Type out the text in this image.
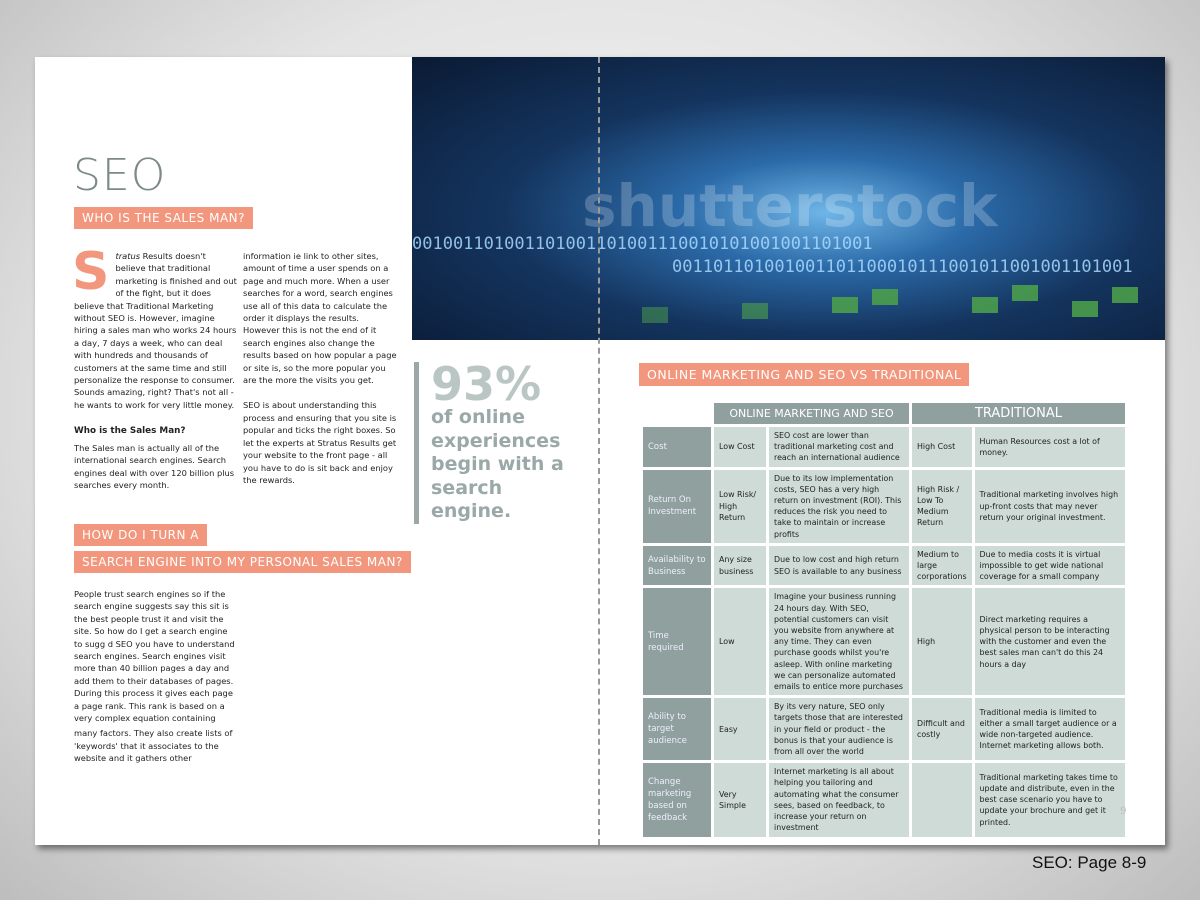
shutterstock
001001101001101001101001110010101001001101001
001101101001001101100010111001011001001101001
SEO
WHO IS THE SALES MAN?
Stratus Results doesn't believe that traditional marketing is finished and out of the fight, but it does believe that Traditional Marketing without SEO is. However, imagine hiring a sales man who works 24 hours a day, 7 days a week, who can deal with hundreds and thousands of customers at the same time and still personalize the response to consumer. Sounds amazing, right? That's not all - he wants to work for very little money.
Who is the Sales Man?
The Sales man is actually all of the international search engines. Search engines deal with over 120 billion plus searches every month.
information ie link to other sites, amount of time a user spends on a page and much more. When a user searches for a word, search engines use all of this data to calculate the order it displays the results. However this is not the end of it search engines also change the results based on how popular a page or site is, so the more popular you are the more the visits you get.
SEO is about understanding this process and ensuring that you site is popular and ticks the right boxes. So let the experts at Stratus Results get your website to the front page - all you have to do is sit back and enjoy the rewards.
HOW DO I TURN A
SEARCH ENGINE INTO MY PERSONAL SALES MAN?
People trust search engines so if the search engine suggests say this sit is the best people trust it and visit the site. So how do I get a search engine to sugg d SEO you have to understand search engines. Search engines visit more than 40 billion pages a day and add them to their databases of pages. During this process it gives each page a page rank. This rank is based on a very complex equation containing
many factors. They also create lists of 'keywords' that it associates to the website and it gathers other
93%
of online experiences begin with a search engine.
ONLINE MARKETING AND SEO VS TRADITIONAL
	ONLINE MARKETING AND SEO		TRADITIONAL	
Cost	Low Cost	SEO cost are lower than traditional marketing cost and reach an international audience	High Cost	Human Resources cost a lot of money.
Return On Investment	Low Risk/ High Return	Due to its low implementation costs, SEO has a very high return on investment (ROI). This reduces the risk you need to take to maintain or increase profits	High Risk / Low To Medium Return	Traditional marketing involves high up-front costs that may never return your original investment.
Availability to Business	Any size business	Due to low cost and high return SEO is available to any business	Medium to large corporations	Due to media costs it is virtual impossible to get wide national coverage for a small company
Time required	Low	Imagine your business running 24 hours day. With SEO, potential customers can visit you website from anywhere at any time. They can even purchase goods whilst you're asleep. With online marketing we can personalize automated emails to entice more purchases	High	Direct marketing requires a physical person to be interacting with the customer and even the best sales man can't do this 24 hours a day
Ability to target audience	Easy	By its very nature, SEO only targets those that are interested in your field or product - the bonus is that your audience is from all over the world	Difficult and costly	Traditional media is limited to either a small target audience or a wide non-targeted audience. Internet marketing allows both.
Change marketing based on feedback	Very Simple	Internet marketing is all about helping you tailoring and automating what the consumer sees, based on feedback, to increase your return on investment		Traditional marketing takes time to update and distribute, even in the best case scenario you have to update your brochure and get it printed.
9
SEO: Page 8-9
